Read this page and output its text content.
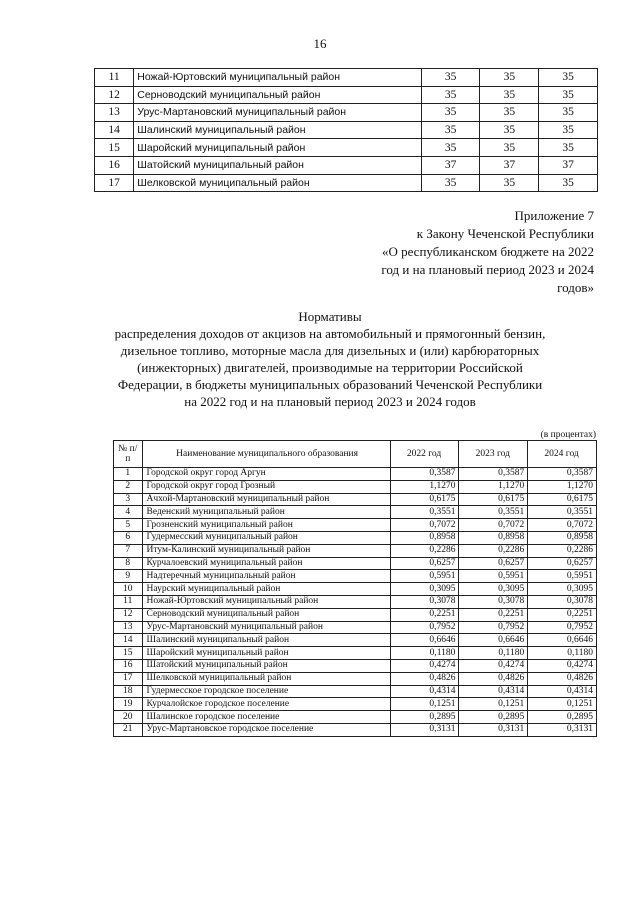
16
11	Ножай-Юртовский муниципальный район	35	35	35
12	Серноводский муниципальный район	35	35	35
13	Урус-Мартановский муниципальный район	35	35	35
14	Шалинский муниципальный район	35	35	35
15	Шаройский муниципальный район	35	35	35
16	Шатойский муниципальный район	37	37	37
17	Шелковской муниципальный район	35	35	35
Приложение 7
к Закону Чеченской Республики
«О республиканском бюджете на 2022
год и на плановый период 2023 и 2024
годов»
Нормативы
распределения доходов от акцизов на автомобильный и прямогонный бензин,
дизельное топливо, моторные масла для дизельных и (или) карбюраторных
(инжекторных) двигателей, производимые на территории Российской
Федерации, в бюджеты муниципальных образований Чеченской Республики
на 2022 год и на плановый период 2023 и 2024 годов
(в процентах)
№ п/п	Наименование муниципального образования	2022 год	2023 год	2024 год
1	Городской округ город Аргун	0,3587	0,3587	0,3587
2	Городской округ город Грозный	1,1270	1,1270	1,1270
3	Ачхой-Мартановский муниципальный район	0,6175	0,6175	0,6175
4	Веденский муниципальный район	0,3551	0,3551	0,3551
5	Грозненский муниципальный район	0,7072	0,7072	0,7072
6	Гудермесский муниципальный район	0,8958	0,8958	0,8958
7	Итум-Калинский муниципальный район	0,2286	0,2286	0,2286
8	Курчалоевский муниципальный район	0,6257	0,6257	0,6257
9	Надтеречный муниципальный район	0,5951	0,5951	0,5951
10	Наурский муниципальный район	0,3095	0,3095	0,3095
11	Ножай-Юртовский муниципальный район	0,3078	0,3078	0,3078
12	Серноводский муниципальный район	0,2251	0,2251	0,2251
13	Урус-Мартановский муниципальный район	0,7952	0,7952	0,7952
14	Шалинский муниципальный район	0,6646	0,6646	0,6646
15	Шаройский муниципальный район	0,1180	0,1180	0,1180
16	Шатойский муниципальный район	0,4274	0,4274	0,4274
17	Шелковской муниципальный район	0,4826	0,4826	0,4826
18	Гудермесское городское поселение	0,4314	0,4314	0,4314
19	Курчалойское городское поселение	0,1251	0,1251	0,1251
20	Шалинское городское поселение	0,2895	0,2895	0,2895
21	Урус-Мартановское городское поселение	0,3131	0,3131	0,3131
